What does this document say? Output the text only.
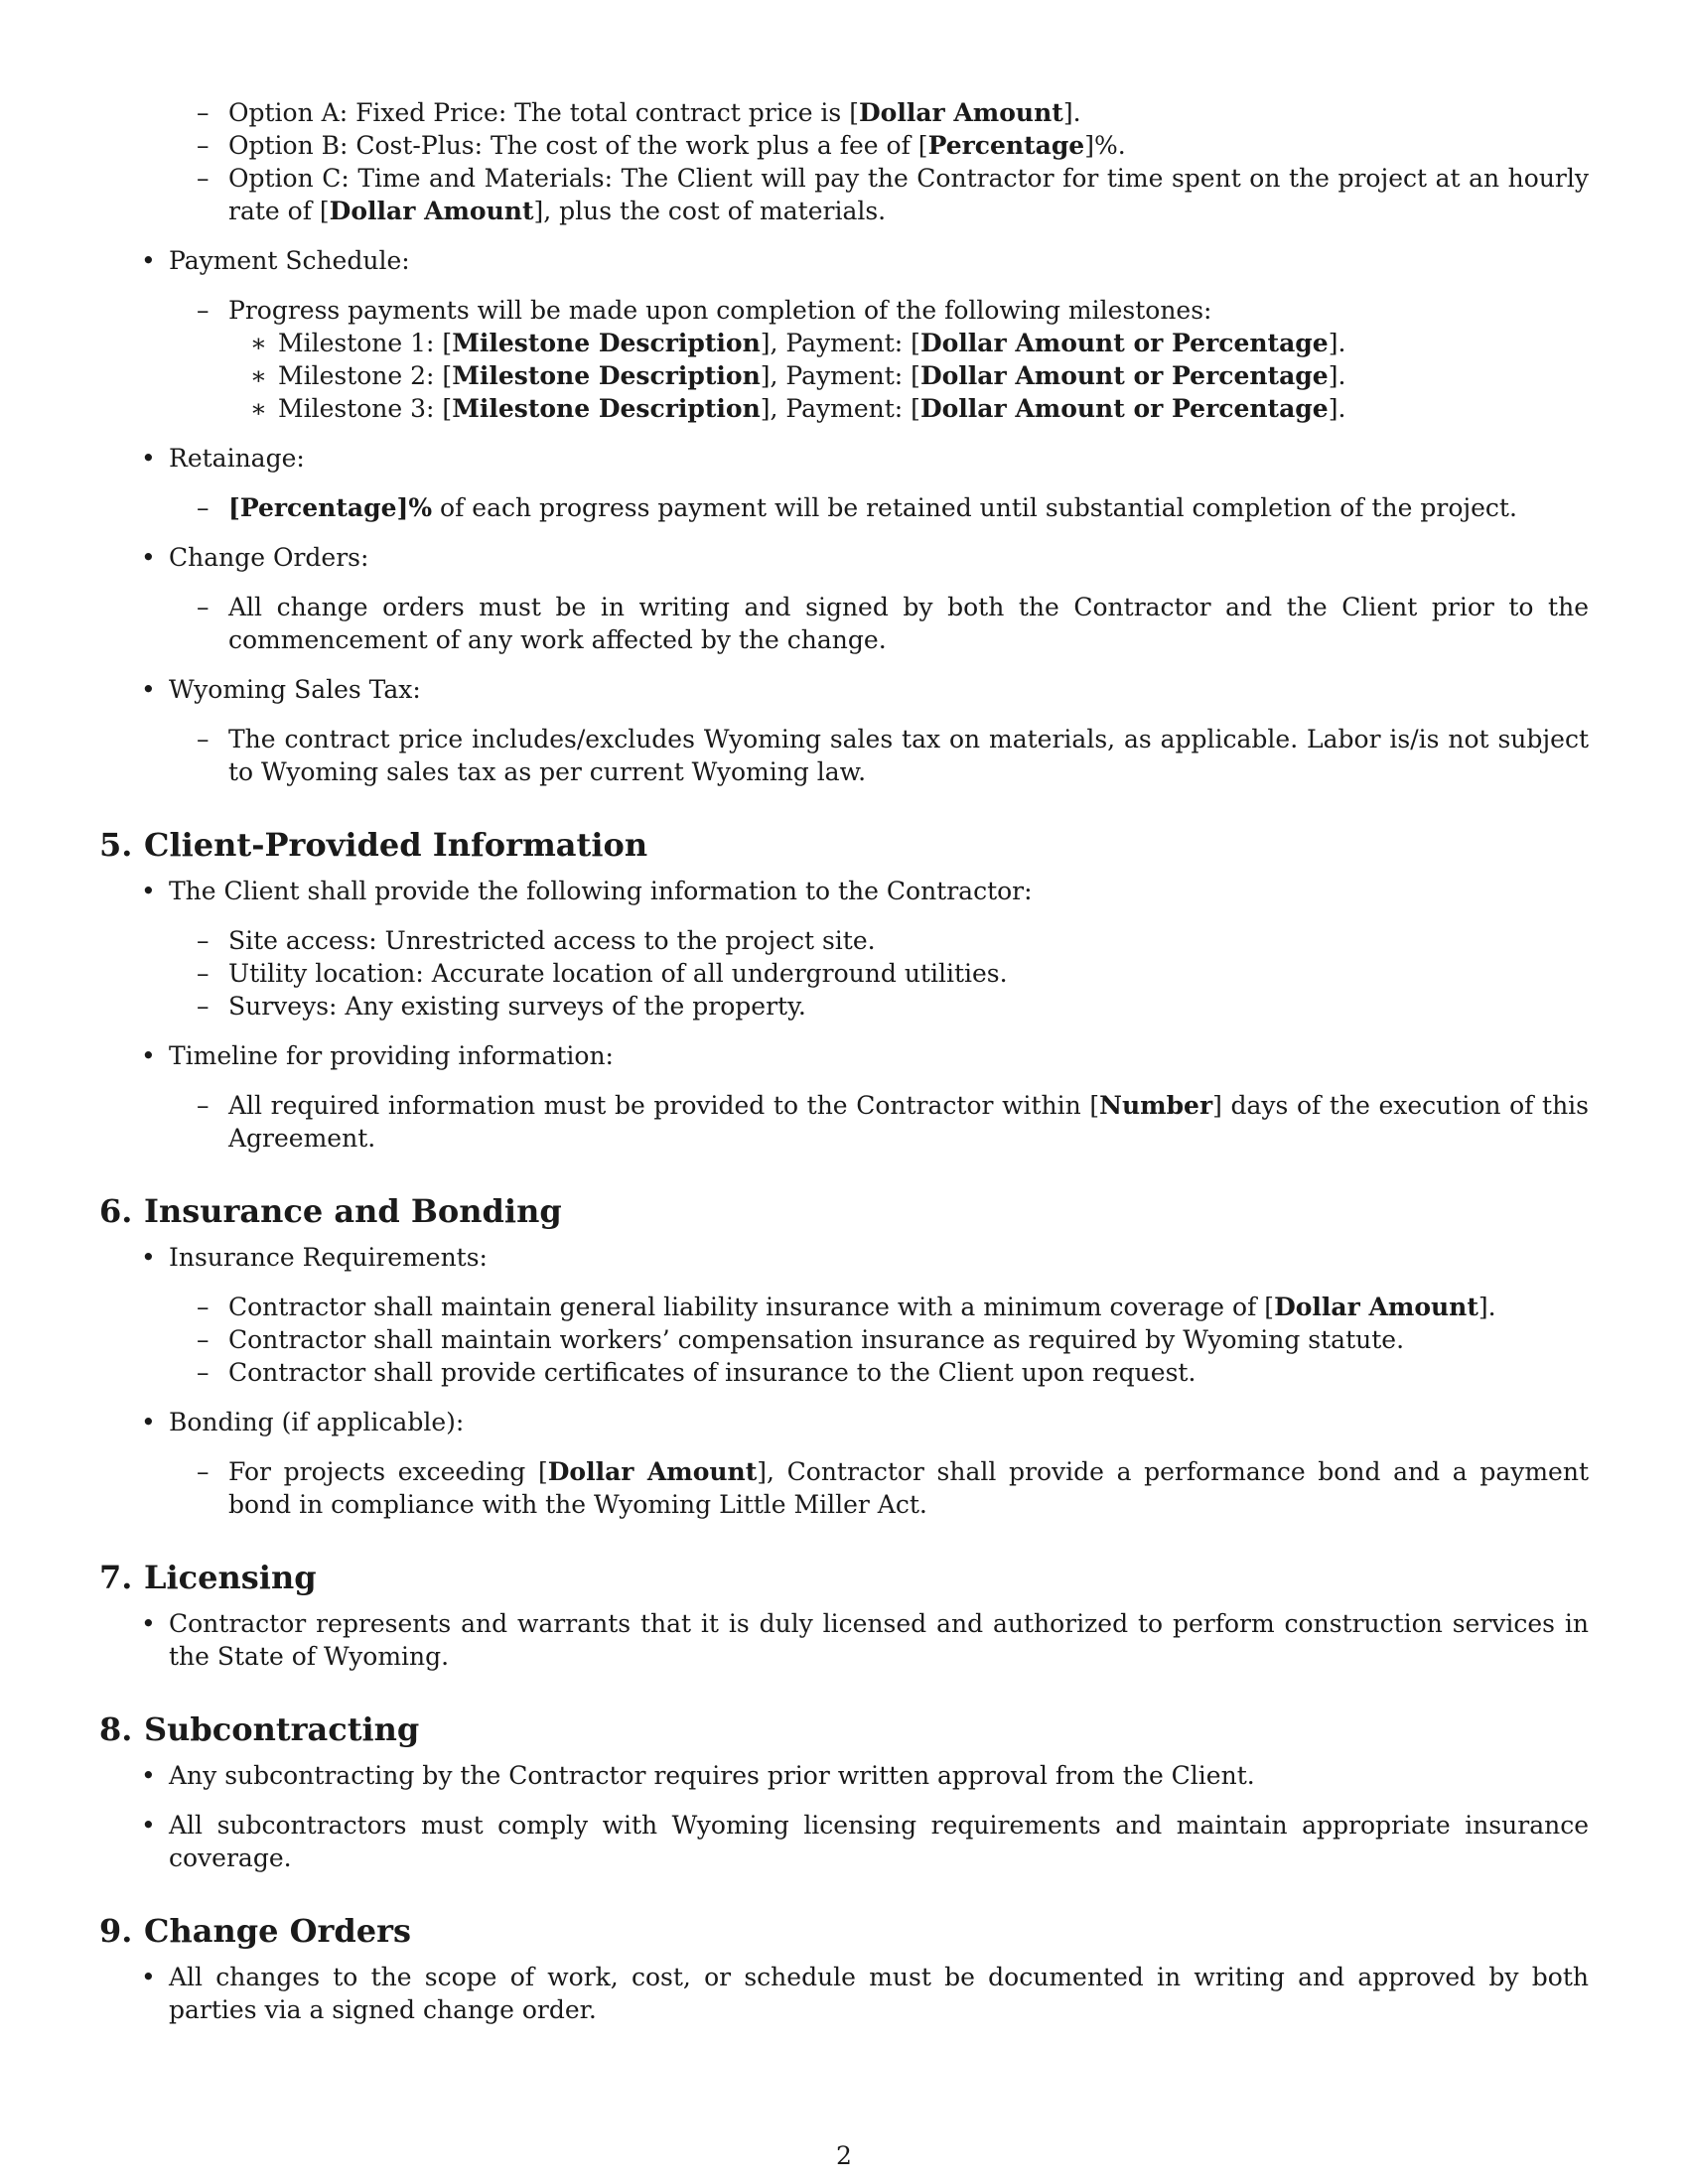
– Option A: Fixed Price: The total contract price is [Dollar Amount].
– Option B: Cost-Plus: The cost of the work plus a fee of [Percentage]%.
– Option C: Time and Materials: The Client will pay the Contractor for time spent on the project at an hourly rate of [Dollar Amount], plus the cost of materials.
• Payment Schedule:
– Progress payments will be made upon completion of the following milestones:
∗ Milestone 1: [Milestone Description], Payment: [Dollar Amount or Percentage].
∗ Milestone 2: [Milestone Description], Payment: [Dollar Amount or Percentage].
∗ Milestone 3: [Milestone Description], Payment: [Dollar Amount or Percentage].
• Retainage:
– [Percentage]% of each progress payment will be retained until substantial completion of the project.
• Change Orders:
– All change orders must be in writing and signed by both the Contractor and the Client prior to the commencement of any work affected by the change.
• Wyoming Sales Tax:
– The contract price includes/excludes Wyoming sales tax on materials, as applicable. Labor is/is not subject to Wyoming sales tax as per current Wyoming law.
5. Client-Provided Information
• The Client shall provide the following information to the Contractor:
– Site access: Unrestricted access to the project site.
– Utility location: Accurate location of all underground utilities.
– Surveys: Any existing surveys of the property.
• Timeline for providing information:
– All required information must be provided to the Contractor within [Number] days of the execution of this Agreement.
6. Insurance and Bonding
• Insurance Requirements:
– Contractor shall maintain general liability insurance with a minimum coverage of [Dollar Amount].
– Contractor shall maintain workers’ compensation insurance as required by Wyoming statute.
– Contractor shall provide certificates of insurance to the Client upon request.
• Bonding (if applicable):
– For projects exceeding [Dollar Amount], Contractor shall provide a performance bond and a payment bond in compliance with the Wyoming Little Miller Act.
7. Licensing
• Contractor represents and warrants that it is duly licensed and authorized to perform construction services in the State of Wyoming.
8. Subcontracting
• Any subcontracting by the Contractor requires prior written approval from the Client.
• All subcontractors must comply with Wyoming licensing requirements and maintain appropriate insurance coverage.
9. Change Orders
• All changes to the scope of work, cost, or schedule must be documented in writing and approved by both parties via a signed change order.
2
